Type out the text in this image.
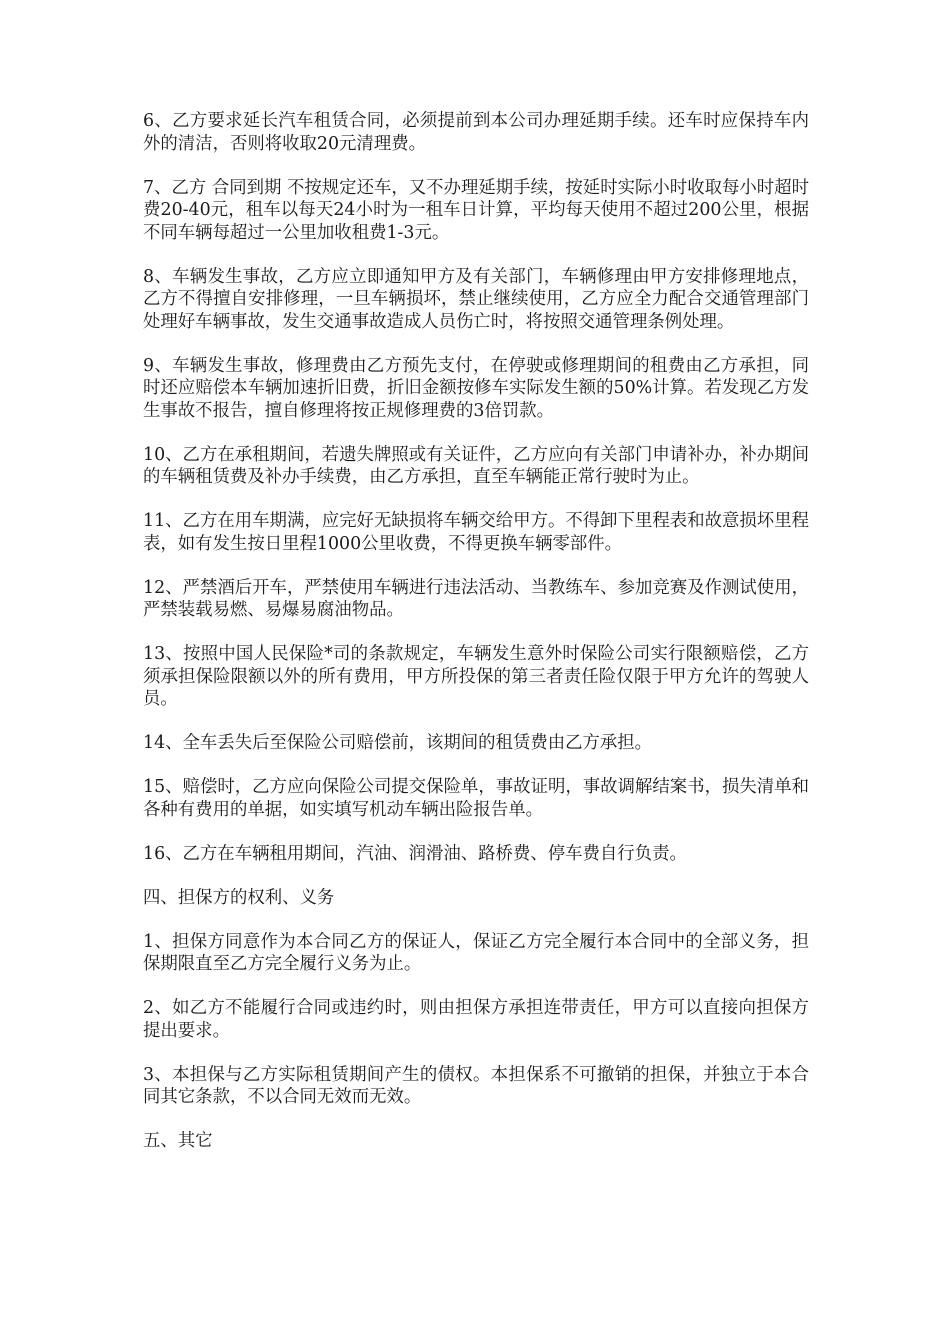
6、乙方要求延长汽车租赁合同，必须提前到本公司办理延期手续。还车时应保持车内外的清洁，否则将收取20元清理费。

7、乙方 合同到期 不按规定还车，又不办理延期手续，按延时实际小时收取每小时超时费20-40元，租车以每天24小时为一租车日计算，平均每天使用不超过200公里，根据不同车辆每超过一公里加收租费1-3元。

8、车辆发生事故，乙方应立即通知甲方及有关部门，车辆修理由甲方安排修理地点，乙方不得擅自安排修理，一旦车辆损坏，禁止继续使用，乙方应全力配合交通管理部门处理好车辆事故，发生交通事故造成人员伤亡时，将按照交通管理条例处理。

9、车辆发生事故，修理费由乙方预先支付，在停驶或修理期间的租费由乙方承担，同时还应赔偿本车辆加速折旧费，折旧金额按修车实际发生额的50%计算。若发现乙方发生事故不报告，擅自修理将按正规修理费的3倍罚款。

10、乙方在承租期间，若遗失牌照或有关证件，乙方应向有关部门申请补办，补办期间的车辆租赁费及补办手续费，由乙方承担，直至车辆能正常行驶时为止。

11、乙方在用车期满，应完好无缺损将车辆交给甲方。不得卸下里程表和故意损坏里程表，如有发生按日里程1000公里收费，不得更换车辆零部件。

12、严禁酒后开车，严禁使用车辆进行违法活动、当教练车、参加竞赛及作测试使用，严禁装载易燃、易爆易腐油物品。

13、按照中国人民保险*司的条款规定，车辆发生意外时保险公司实行限额赔偿，乙方须承担保险限额以外的所有费用，甲方所投保的第三者责任险仅限于甲方允许的驾驶人员。

14、全车丢失后至保险公司赔偿前，该期间的租赁费由乙方承担。

15、赔偿时，乙方应向保险公司提交保险单，事故证明，事故调解结案书，损失清单和各种有费用的单据，如实填写机动车辆出险报告单。

16、乙方在车辆租用期间，汽油、润滑油、路桥费、停车费自行负责。

四、担保方的权利、义务

1、担保方同意作为本合同乙方的保证人，保证乙方完全履行本合同中的全部义务，担保期限直至乙方完全履行义务为止。

2、如乙方不能履行合同或违约时，则由担保方承担连带责任，甲方可以直接向担保方提出要求。

3、本担保与乙方实际租赁期间产生的债权。本担保系不可撤销的担保，并独立于本合同其它条款，不以合同无效而无效。

五、其它
